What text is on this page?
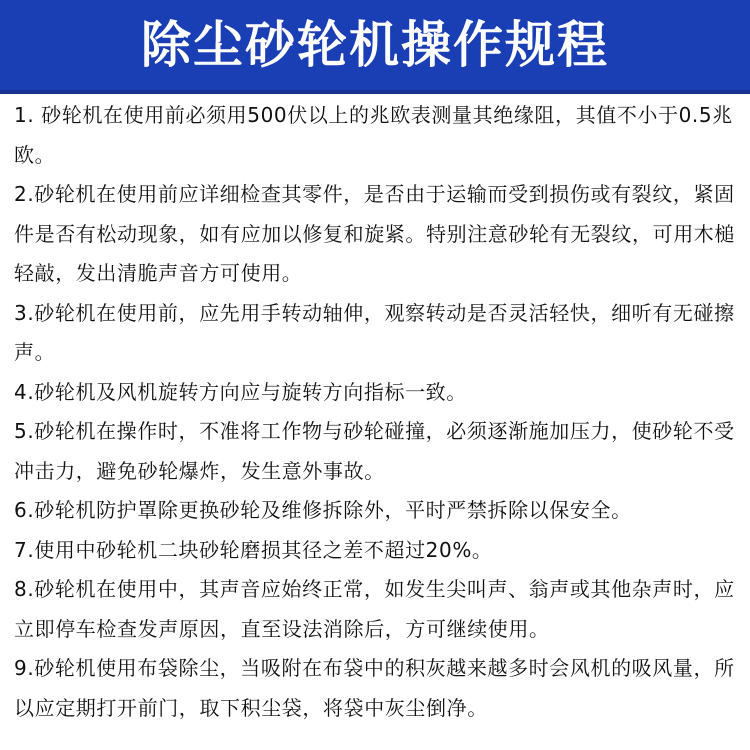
除尘砂轮机操作规程
1. 砂轮机在使用前必须用500伏以上的兆欧表测量其绝缘阻，其值不小于0.5兆欧。
2.砂轮机在使用前应详细检查其零件，是否由于运输而受到损伤或有裂纹，紧固件是否有松动现象，如有应加以修复和旋紧。特别注意砂轮有无裂纹，可用木槌轻敲，发出清脆声音方可使用。
3.砂轮机在使用前，应先用手转动轴伸，观察转动是否灵活轻快，细听有无碰擦声。
4.砂轮机及风机旋转方向应与旋转方向指标一致。
5.砂轮机在操作时，不准将工作物与砂轮碰撞，必须逐渐施加压力，使砂轮不受冲击力，避免砂轮爆炸，发生意外事故。
6.砂轮机防护罩除更换砂轮及维修拆除外，平时严禁拆除以保安全。
7.使用中砂轮机二块砂轮磨损其径之差不超过20%。
8.砂轮机在使用中，其声音应始终正常，如发生尖叫声、翁声或其他杂声时，应立即停车检查发声原因，直至设法消除后，方可继续使用。
9.砂轮机使用布袋除尘，当吸附在布袋中的积灰越来越多时会风机的吸风量，所以应定期打开前门，取下积尘袋，将袋中灰尘倒净。
